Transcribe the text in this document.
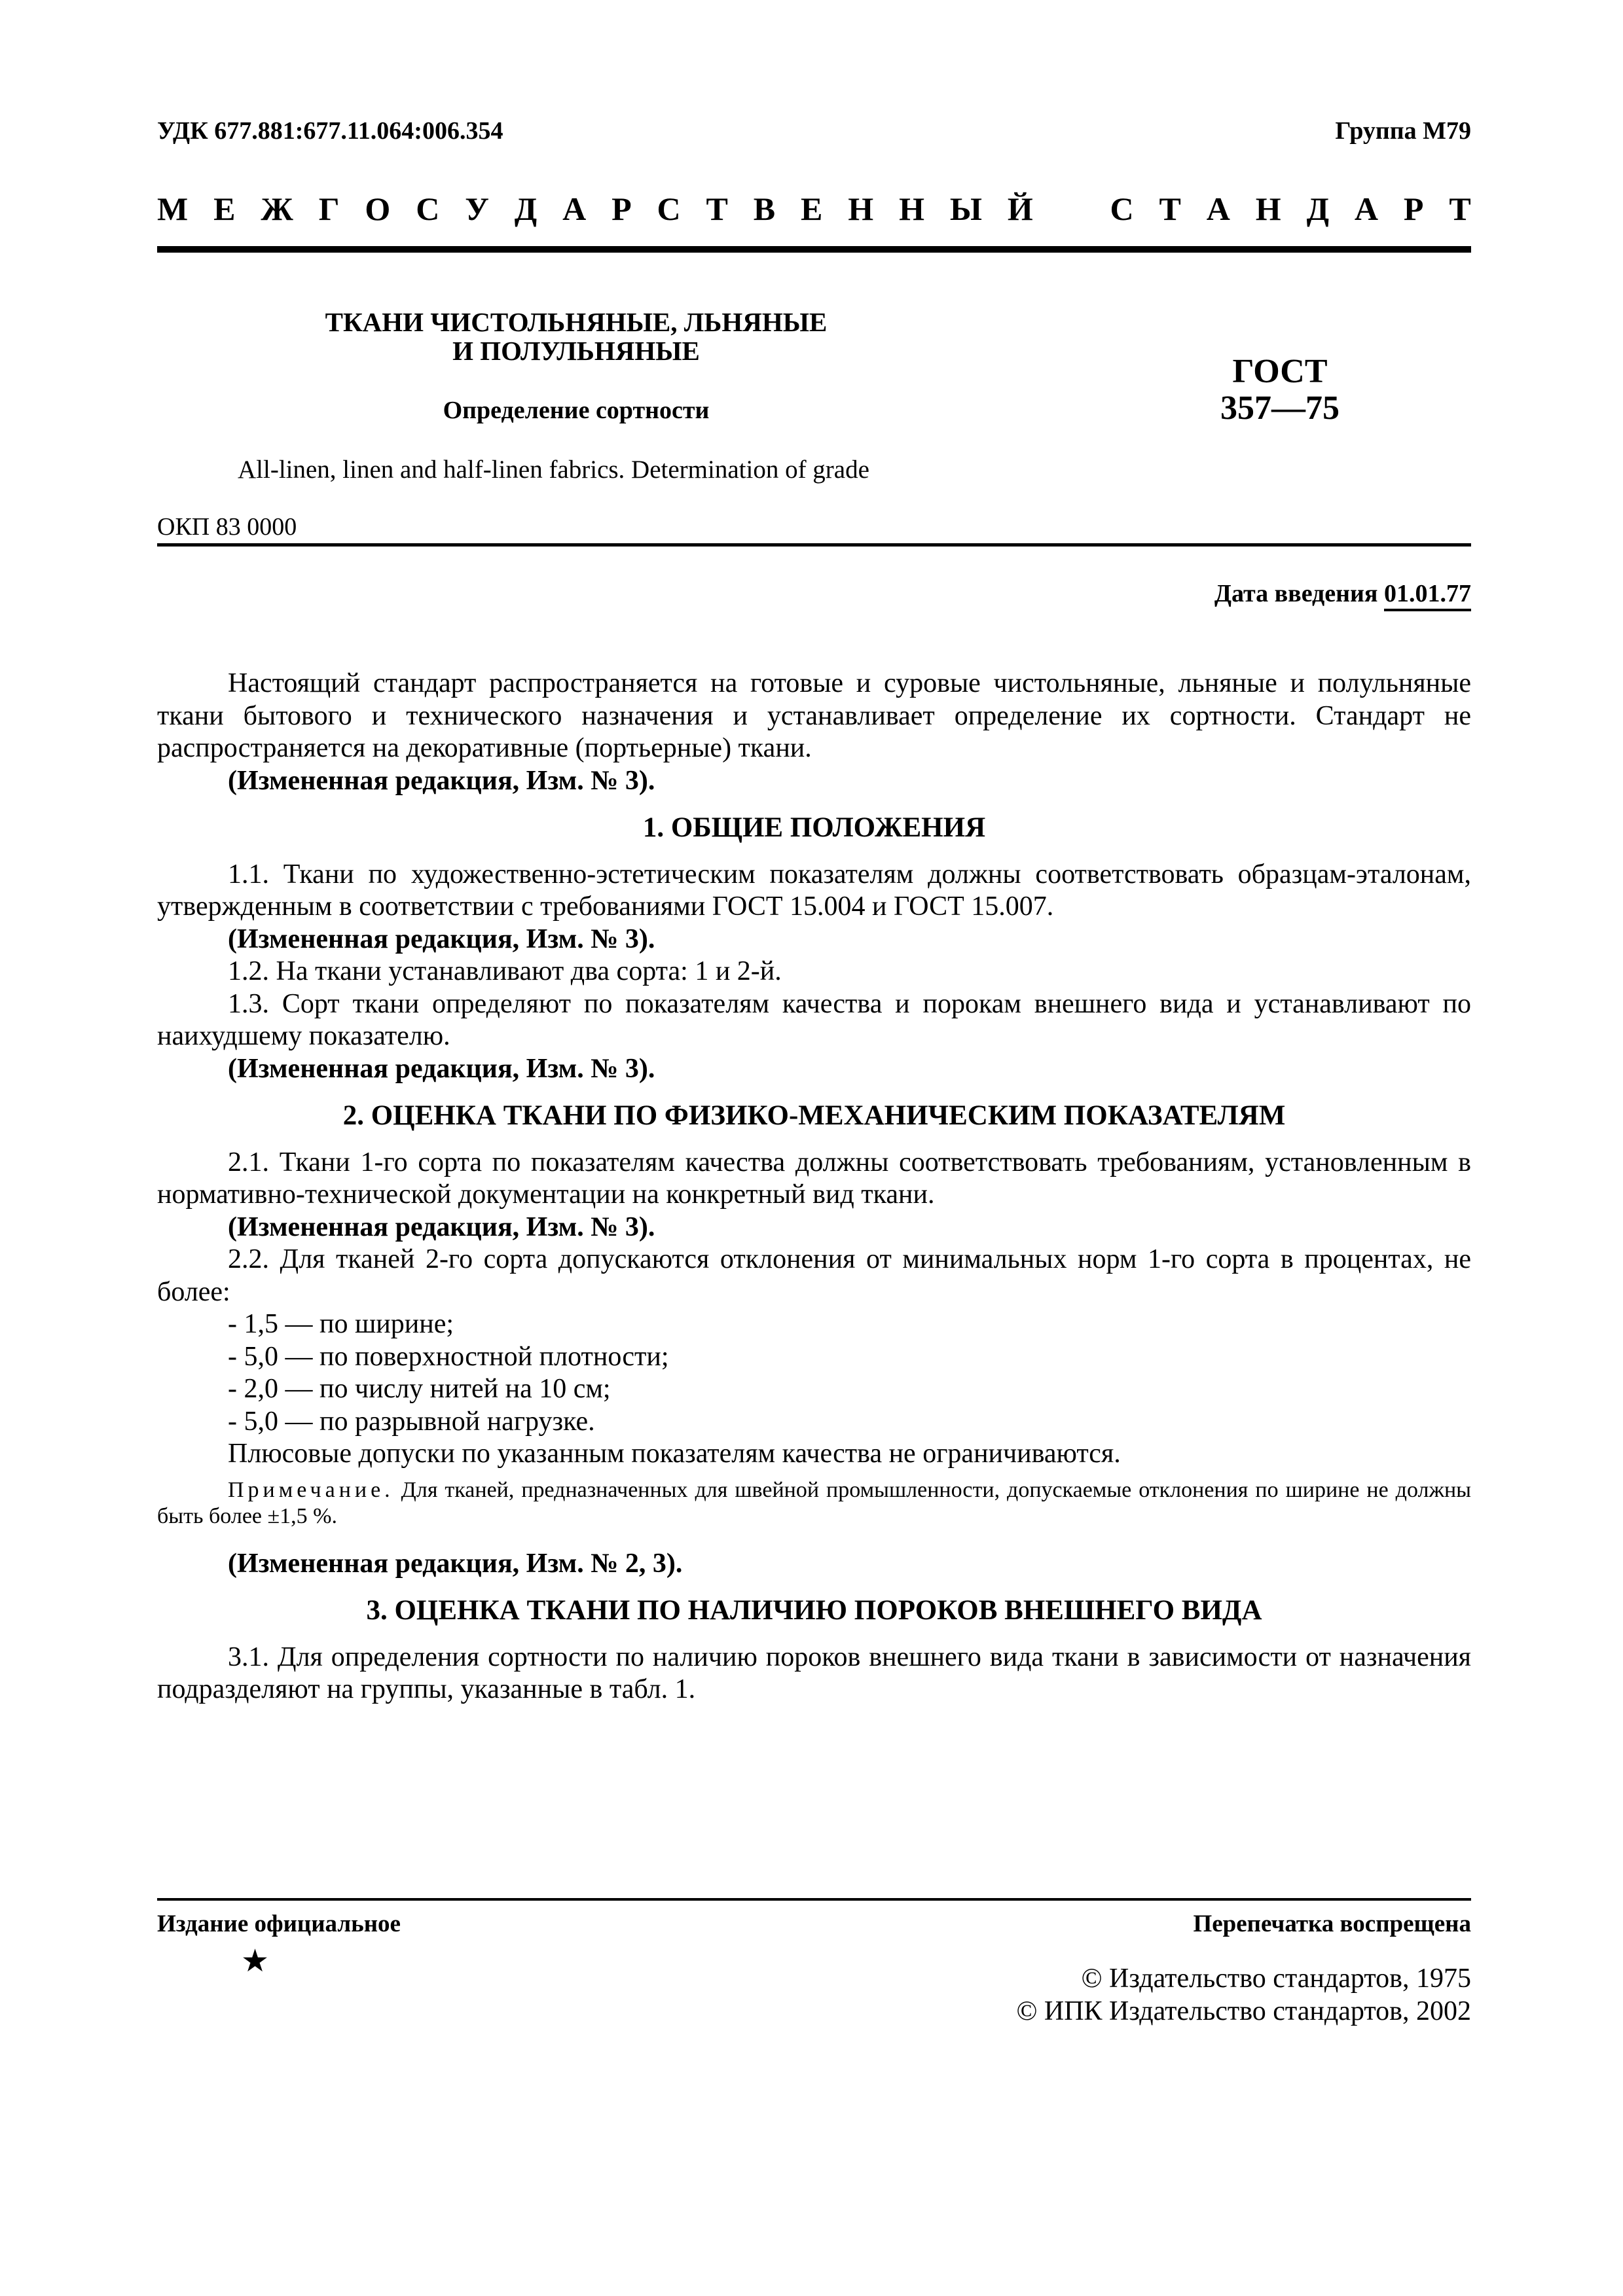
УДК 677.881:677.11.064:006.354	Группа М79
М Е Ж Г О С У Д А Р С Т В Е Н Н Ы Й С Т А Н Д А Р Т
ТКАНИ ЧИСТОЛЬНЯНЫЕ, ЛЬНЯНЫЕ
И ПОЛУЛЬНЯНЫЕ
Определение сортности
ГОСТ
357—75
All-linen, linen and half-linen fabrics. Determination of grade
ОКП 83 0000
Дата введения 01.01.77

Настоящий стандарт распространяется на готовые и суровые чистольняные, льняные и полульняные ткани бытового и технического назначения и устанавливает определение их сортности. Стандарт не распространяется на декоративные (портьерные) ткани.

(Измененная редакция, Изм. № 3).

1. ОБЩИЕ ПОЛОЖЕНИЯ

1.1. Ткани по художественно-эстетическим показателям должны соответствовать образцам-эталонам, утвержденным в соответствии с требованиями ГОСТ 15.004 и ГОСТ 15.007.

(Измененная редакция, Изм. № 3).

1.2. На ткани устанавливают два сорта: 1 и 2-й.

1.3. Сорт ткани определяют по показателям качества и порокам внешнего вида и устанавливают по наихудшему показателю.

(Измененная редакция, Изм. № 3).

2. ОЦЕНКА ТКАНИ ПО ФИЗИКО-МЕХАНИЧЕСКИМ ПОКАЗАТЕЛЯМ

2.1. Ткани 1-го сорта по показателям качества должны соответствовать требованиям, установленным в нормативно-технической документации на конкретный вид ткани.

(Измененная редакция, Изм. № 3).

2.2. Для тканей 2-го сорта допускаются отклонения от минимальных норм 1-го сорта в процентах, не более:

- 1,5 — по ширине;

- 5,0 — по поверхностной плотности;

- 2,0 — по числу нитей на 10 см;

- 5,0 — по разрывной нагрузке.

Плюсовые допуски по указанным показателям качества не ограничиваются.

Примечание. Для тканей, предназначенных для швейной промышленности, допускаемые отклонения по ширине не должны быть более ±1,5 %.

(Измененная редакция, Изм. № 2, 3).

3. ОЦЕНКА ТКАНИ ПО НАЛИЧИЮ ПОРОКОВ ВНЕШНЕГО ВИДА

3.1. Для определения сортности по наличию пороков внешнего вида ткани в зависимости от назначения подразделяют на группы, указанные в табл. 1.

Издание официальное	Перепечатка воспрещена
★	© Издательство стандартов, 1975
© ИПК Издательство стандартов, 2002
